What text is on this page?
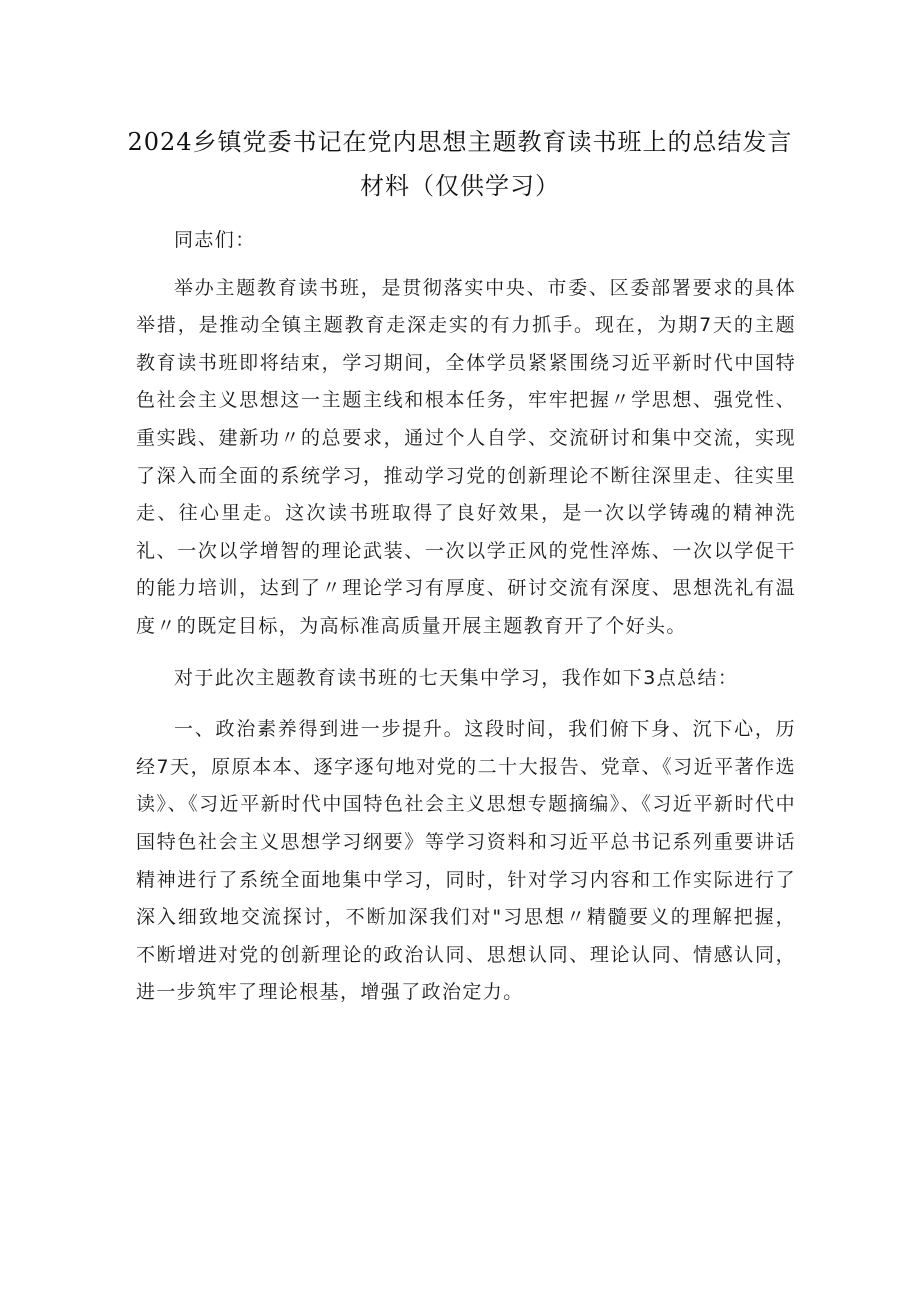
2024乡镇党委书记在党内思想主题教育读书班上的总结发言材料（仅供学习）

同志们：

举办主题教育读书班，是贯彻落实中央、市委、区委部署要求的具体举措，是推动全镇主题教育走深走实的有力抓手。现在，为期7天的主题教育读书班即将结束，学习期间，全体学员紧紧围绕习近平新时代中国特色社会主义思想这一主题主线和根本任务，牢牢把握〃学思想、强党性、重实践、建新功〃的总要求，通过个人自学、交流研讨和集中交流，实现了深入而全面的系统学习，推动学习党的创新理论不断往深里走、往实里走、往心里走。这次读书班取得了良好效果，是一次以学铸魂的精神洗礼、一次以学增智的理论武装、一次以学正风的党性淬炼、一次以学促干的能力培训，达到了〃理论学习有厚度、研讨交流有深度、思想洗礼有温度〃的既定目标，为高标准高质量开展主题教育开了个好头。

对于此次主题教育读书班的七天集中学习，我作如下3点总结：

一、政治素养得到进一步提升。这段时间，我们俯下身、沉下心，历经7天，原原本本、逐字逐句地对党的二十大报告、党章、《习近平著作选读》、《习近平新时代中国特色社会主义思想专题摘编》、《习近平新时代中国特色社会主义思想学习纲要》等学习资料和习近平总书记系列重要讲话精神进行了系统全面地集中学习，同时，针对学习内容和工作实际进行了深入细致地交流探讨，不断加深我们对"习思想〃精髓要义的理解把握，不断增进对党的创新理论的政治认同、思想认同、理论认同、情感认同，进一步筑牢了理论根基，增强了政治定力。
